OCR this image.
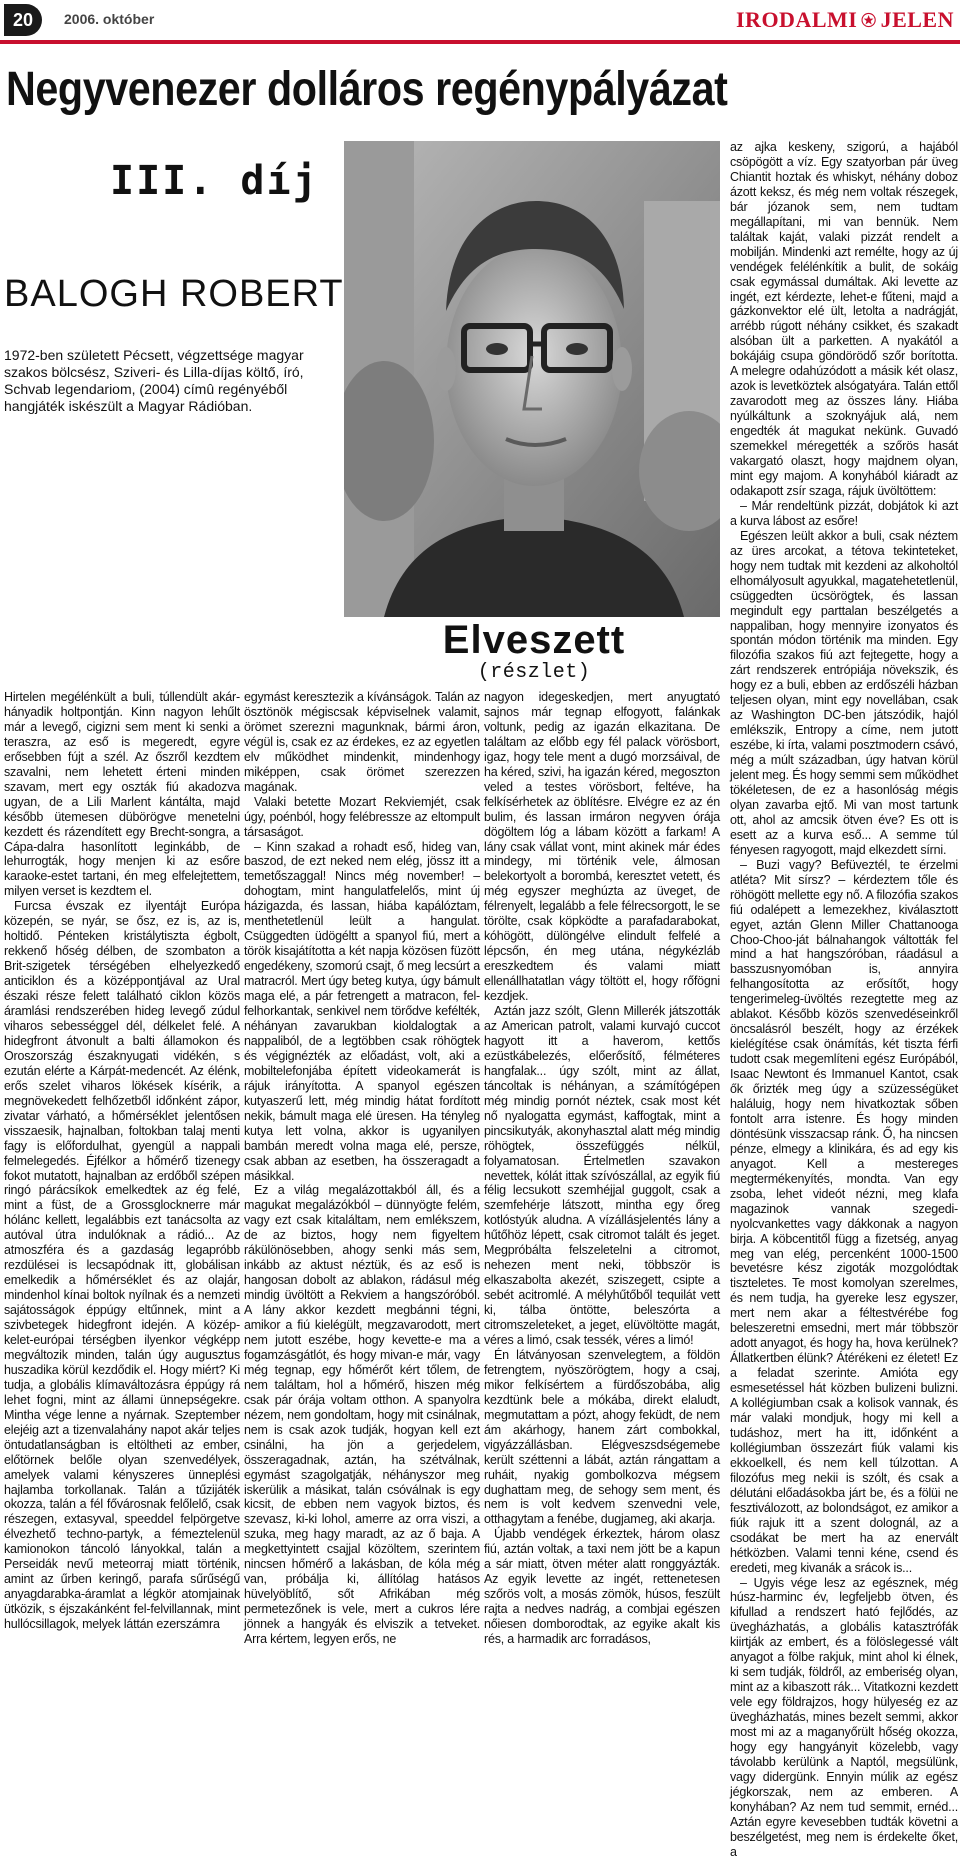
20 2006. október	IRODALMI JELEN
Negyvenezer dolláros regénypályázat
III. díj
BALOGH ROBERT

1972-ben született Pécsett, végzettsége magyar szakos bölcsész, Sziveri- és Lilla-díjas költő, író, Schvab legendariom, (2004) címû regényéből hangjáték iskészült a Magyar Rádióban.

Elveszett
(részlet)

Hirtelen megélénkült a buli, túllendült akár-hányadik holtpontján. Kinn nagyon lehűlt már a levegő, cigizni sem ment ki senki a teraszra, az eső is megeredt, egyre erősebben fújt a szél. Az őszről kezdtem szavalni, nem lehetett érteni minden szavam, mert egy oszták fiú akadozva ugyan, de a Lili Marlent kántálta, majd később ütemesen dübörögve menetelni kezdett és rázendített egy Brecht-songra, a Cápa-dalra hasonlított leginkább, de lehurrogták, hogy menjen ki az esőre karaoke-estet tartani, én meg elfelejtettem, milyen verset is kezdtem el.

Furcsa évszak ez ilyentájt Európa közepén, se nyár, se ősz, ez is, az is, holtidő. Pénteken kristálytiszta égbolt, rekkenő hőség délben, de szombaton a Brit-szigetek térségében elhelyezkedő anticiklon és a középpontjával az Ural északi része felett található ciklon közös áramlási rendszerében hideg levegő zúdul viharos sebességgel dél, délkelet felé. A hidegfront átvonult a balti államokon és Oroszország északnyugati vidékén, s ezután elérte a Kárpát-medencét. Az élénk, erős szelet viharos lökések kísérik, a megnövekedett felhőzetből időnként zápor, zivatar várható, a hőmérséklet jelentősen visszaesik, hajnalban, foltokban talaj menti fagy is előfordulhat, gyengül a nappali felmelegedés. Éjfélkor a hőmérő tizenegy fokot mutatott, hajnalban az erdőből szépen ringó párácsíkok emelkedtek az ég felé, mint a füst, de a Grossglocknerre már hólánc kellett, legalábbis ezt tanácsolta az autóval útra indulóknak a rádió... Az atmoszféra és a gazdaság legapróbb rezdülései is lecsapódnak itt, globálisan emelkedik a hőmérséklet és az olajár, mindenhol kínai boltok nyílnak és a nemzeti sajátosságok éppúgy eltűnnek, mint a szivbetegek hidegfront idején. A közép-kelet-európai térségben ilyenkor végképp megváltozik minden, talán úgy augusztus huszadika körül kezdődik el. Hogy miért? Ki tudja, a globális klímaváltozásra éppúgy rá lehet fogni, mint az állami ünnepségekre. Mintha vége lenne a nyárnak. Szeptember elejéig azt a tizenvalahány napot akár teljes öntudatlanságban is eltöltheti az ember, előtörnek belőle olyan szenvedélyek, amelyek valami kényszeres ünneplési hajlamba torkollanak. Talán a tűzijáték okozza, talán a fél fővárosnak felőlelő, csak részegen, extasyval, speeddel felpörgetve élvezhető techno-partyk, a fémeztelenül kamionokon táncoló lányokkal, talán a Perseidák nevű meteorraj miatt történik, amint az űrben keringő, parafa sűrűségű anyagdarabka-áramlat a légkör atomjainak ütközik, s éjszakánként fel-felvillannak, mint hullócsillagok, melyek láttán ezerszámra

egymást keresztezik a kívánságok. Talán az ösztönök mégiscsak képviselnek valamit, örömet szerezni magunknak, bármi áron, végül is, csak ez az érdekes, ez az egyetlen elv működhet mindenkit, mindenhogy miképpen, csak örömet szerezzen magának.

Valaki betette Mozart Rekviemjét, csak úgy, poénból, hogy felébressze az eltompult társaságot.

– Kinn szakad a rohadt eső, hideg van, baszod, de ezt neked nem elég, jössz itt a temetőszaggal! Nincs még november! – dohogtam, mint hangulatfelelős, mint új házigazda, és lassan, hiába kapálóztam, menthetetlenül leült a hangulat. Csüggedten üdögéltt a spanyol fiú, mert a török kisajátította a két napja közösen füzött engedékeny, szomorú csajt, ő meg lecsúrt a matracról. Mert úgy beteg kutya, úgy bámult maga elé, a pár fetrengett a matracon, fel-felhorkantak, senkivel nem törődve kefélték, néhányan zavarukban kioldalogtak a nappaliból, de a legtöbben csak röhögtek és végignézték az előadást, volt, aki a mobiltelefonjába épített videokamerát is rájuk irányította. A spanyol egészen kutyaszerű lett, még mindig hátat fordított nekik, bámult maga elé üresen. Ha tényleg kutya lett volna, akkor is ugyanilyen bambán meredt volna maga elé, persze, csak abban az esetben, ha összeragadt a másikkal.

Ez a világ megalázottakból áll, és a magukat megalázókból – dünnyögte felém, vagy ezt csak kitaláltam, nem emlékszem, de az biztos, hogy nem figyeltem rákülönösebben, ahogy senki más sem, inkább az aktust néztük, és az eső is hangosan dobolt az ablakon, rádásul még mindig üvöltött a Rekviem a hangszóróból. A lány akkor kezdett megbánni tégni, amikor a fiú kielégült, megzavarodott, mert nem jutott eszébe, hogy kevette-e ma a fogamzásgátlót, és hogy mivan-e már, vagy még tegnap, egy hőmérőt kért tőlem, de nem találtam, hol a hőmérő, hiszen még csak pár órája voltam otthon. A spanyolra nézem, nem gondoltam, hogy mit csinálnak, nem is csak azok tudják, hogyan kell ezt csinálni, ha jön a gerjedelem, összeragadnak, aztán, ha szétválnak, egymást szagolgatják, néhányszor meg iskerülik a másikat, talán csóválnak is egy kicsit, de ebben nem vagyok biztos, és szevasz, ki-ki lohol, amerre az orra viszi, a szuka, meg hagy maradt, az az ő baja. A megkettyintett csajjal közöltem, szerintem nincsen hőmérő a lakásban, de kóla még van, próbálja ki, állítólag hatásos hüvelyöblítő, sőt Afrikában még permetezőnek is vele, mert a cukros lére jönnek a hangyák és elviszik a tetveket. Arra kértem, legyen erős, ne

nagyon idegeskedjen, mert anyugtató sajnos már tegnap elfogyott, falánkak voltunk, pedig az igazán elkazitana. De találtam az előbb egy fél palack vörösbort, igaz, hogy tele ment a dugó morzsáival, de ha kéred, szivi, ha igazán kéred, megoszton veled a testes vörösbort, feltéve, ha felkísérhetek az öblítésre. Elvégre ez az én bulim, és lassan irmáron negyven órája dögöltem lóg a lábam között a farkam! A lány csak vállat vont, mint akinek már édes mindegy, mi történik vele, álmosan belekortyolt a borombá, keresztet vetett, és még egyszer meghúzta az üveget, de félrenyelt, legalább a fele félrecsorgott, le se törölte, csak köpködte a parafadarabokat, kóhögött, dülöngélve elindult felfelé a lépcsőn, én meg utána, négykézláb ereszkedtem és valami miatt ellenállhatatlan vágy töltött el, hogy rőfögni kezdjek.

Aztán jazz szólt, Glenn Millerék játszották az American patrolt, valami kurvajó cuccot hagyott itt a haverom, kettős ezüstkábelezés, előerősítő, félméteres hangfalak... úgy szólt, mint az állat, táncoltak is néhányan, a számítógépen még mindig pornót néztek, csak most két nő nyalogatta egymást, kaffogtak, mint a pincsikutyák, akonyhasztal alatt még mindig röhögtek, összefüggés nélkül, folyamatosan. Értelmetlen szavakon nevettek, kólát ittak szívószállal, az egyik fiú félig lecsukott szemhéjjal guggolt, csak a szemfehérje látszott, mintha egy őreg kotlóstyúk aludna. A vízállásjelentés lány a hűtőhöz lépett, csak citromot talált és jeget. Megpróbálta felszeletelni a citromot, nehezen ment neki, többször is elkaszabolta akezét, sziszegett, csipte a sebét acitromlé. A mélyhűtőből tequilát vett ki, tálba öntötte, beleszórta a citromszeleteket, a jeget, elüvöltötte magát, véres a limó, csak tessék, véres a limó!

Én látványosan szenvelegtem, a földön fetrengtem, nyöszörögtem, hogy a csaj, mikor felkísértem a fürdőszobába, alig kezdtünk bele a mókába, direkt elaludt, megmutattam a pózt, ahogy feküdt, de nem ám akárhogy, hanem zárt combokkal, vigyázzállásban. Elégveszsdségemebe került széttenni a lábát, aztán rángattam a ruháit, nyakig gombolkozva mégsem dughattam meg, de sehogy sem ment, és nem is volt kedvem szenvedni vele, otthagytam a fenébe, dugjameg, aki akarja.

Újabb vendégek érkeztek, három olasz fiú, aztán voltak, a taxi nem jött be a kapun a sár miatt, ötven méter alatt ronggyázták. Az egyik levette az ingét, rettenetesen szőrös volt, a mosás zömök, húsos, feszült rajta a nedves nadrág, a combjai egészen nőiesen domborodtak, az egyike akalt kis rés, a harmadik arc forradásos,

az ajka keskeny, szigorú, a hajából csöpögött a víz. Egy szatyorban pár üveg Chiantit hoztak és whiskyt, néhány doboz ázott keksz, és még nem voltak részegek, bár józanok sem, nem tudtam megállapítani, mi van bennük. Nem találtak kaját, valaki pizzát rendelt a mobilján. Mindenki azt remélte, hogy az új vendégek felélénkítik a bulit, de sokáig csak egymással dumáltak. Aki levette az ingét, ezt kérdezte, lehet-e fűteni, majd a gázkonvektor elé ült, letolta a nadrágját, arrébb rúgott néhány csikket, és szakadt alsóban ült a parketten. A nyakától a bokájáig csupa göndörödő szőr borította. A melegre odahúzódott a másik két olasz, azok is levetköztek alsógatyára. Talán ettől zavarodott meg az összes lány. Hiába nyúlkáltunk a szoknyájuk alá, nem engedték át magukat nekünk. Guvadó szemekkel méregették a szőrös hasát vakargató olaszt, hogy majdnem olyan, mint egy majom. A konyhából kiáradt az odakapott zsír szaga, rájuk üvöltöttem:

– Már rendeltünk pizzát, dobjátok ki azt a kurva lábost az esőre!

Egészen leült akkor a buli, csak néztem az üres arcokat, a tétova tekinteteket, hogy nem tudtak mit kezdeni az alkoholtól elhomályosult agyukkal, magatehetetlenül, csüggedten ücsörögtek, és lassan megindult egy parttalan beszélgetés a nappaliban, hogy mennyire izonyatos és spontán módon történik ma minden. Egy filozófia szakos fiú azt fejtegette, hogy a zárt rendszerek entrópiája növekszik, és hogy ez a buli, ebben az erdőszéli házban teljesen olyan, mint egy novellában, csak az Washington DC-ben játszódik, hajól emlékszik, Entropy a címe, nem jutott eszébe, ki írta, valami posztmodern csávó, még a múlt században, úgy hatvan körül jelent meg. És hogy semmi sem működhet tökéletesen, de ez a hasonlóság mégis olyan zavarba ejtő. Mi van most tartunk ott, ahol az amcsik ötven éve? Es ott is esett az a kurva eső... A semme túl fényesen ragyogott, majd elkezdett sírni.

– Buzi vagy? Befüveztél, te érzelmi atléta? Mit sírsz? – kérdeztem tőle és röhögött mellette egy nő. A filozófia szakos fiú odalépett a lemezekhez, kiválasztott egyet, aztán Glenn Miller Chattanooga Choo-Choo-ját bálnahangok váltották fel mind a hat hangszóróban, ráadásul a basszusnyomóban is, annyira felhangosította az erősítőt, hogy tengerimeleg-üvöltés rezegtette meg az ablakot. Később közös szenvedéseinkről öncsalásról beszélt, hogy az érzékek kielégítése csak önámítás, két tiszta férfi tudott csak megemlíteni egész Európából, Isaac Newtont és Immanuel Kantot, csak ők őrizték meg úgy a szüzességüket haláluig, hogy nem hivatkoztak sőben fontolt arra istenre. És hogy minden döntésünk visszacsap ránk. Ő, ha nincsen pénze, elmegy a klinikára, és ad egy kis anyagot. Kell a mestereges megtermékenyítés, mondta. Van egy zsoba, lehet videót nézni, meg klafa magazinok vannak szegedi-nyolcvankettes vagy dákkonak a nagyon birja. A köbcentitől függ a fizetség, anyag meg van elég, percenként 1000-1500 bevetésre kész zigoták mozgolódtak tiszteletes. Te most komolyan szerelmes, és nem tudja, ha gyereke lesz egyszer, mert nem akar a féltestvérébe fog beleszeretni emsedni, mert már többször adott anyagot, és hogy ha, hova kerülnek? Állatkertben élünk? Átérékeni ez életet! Ez a feladat szerinte. Amióta egy esmesetéssel hát közben bulizeni bulizni. A kollégiumban csak a kolisok vannak, és már valaki mondjuk, hogy mi kell a tudáshoz, mert ha itt, időnként a kollégiumban összezárt fiúk valami kis ekkoelkell, és nem kell túlzottan. A filozófus meg nekii is szólt, és csak a délutáni előadásokba járt be, és a fölüi ne fesztiválozott, az bolondságot, ez amikor a fiúk rajuk itt a szent dolognál, az a csodákat be mert ha az enervált hétközben. Valami tenni kéne, csend és eredeti, meg kivanák a srácok is...

– Ugyis vége lesz az egésznek, még húsz-harminc év, legfeljebb ötven, és kifullad a rendszert ható fejlődés, az üvegházhatás, a globális katasztrófák kiirtják az embert, és a fölöslegessé vált anyagot a fölbe rakjuk, mint ahol ki élnek, ki sem tudják, földről, az emberiség olyan, mint az a kibaszott rák... Vitatkozni kezdett vele egy földrajzos, hogy hülyeség ez az üvegházhatás, mines bezelt semmi, akkor most mi az a maganyőrült hőség okozza, hogy egy hangyányit közelebb, vagy távolabb kerülünk a Naptól, megsülünk, vagy didergünk. Ennyin múlik az egész jégkorszak, nem az emberen. A konyhában? Az nem tud semmit, ernéd... Aztán egyre kevesebben tudták követni a beszélgetést, meg nem is érdekelte őket, a
